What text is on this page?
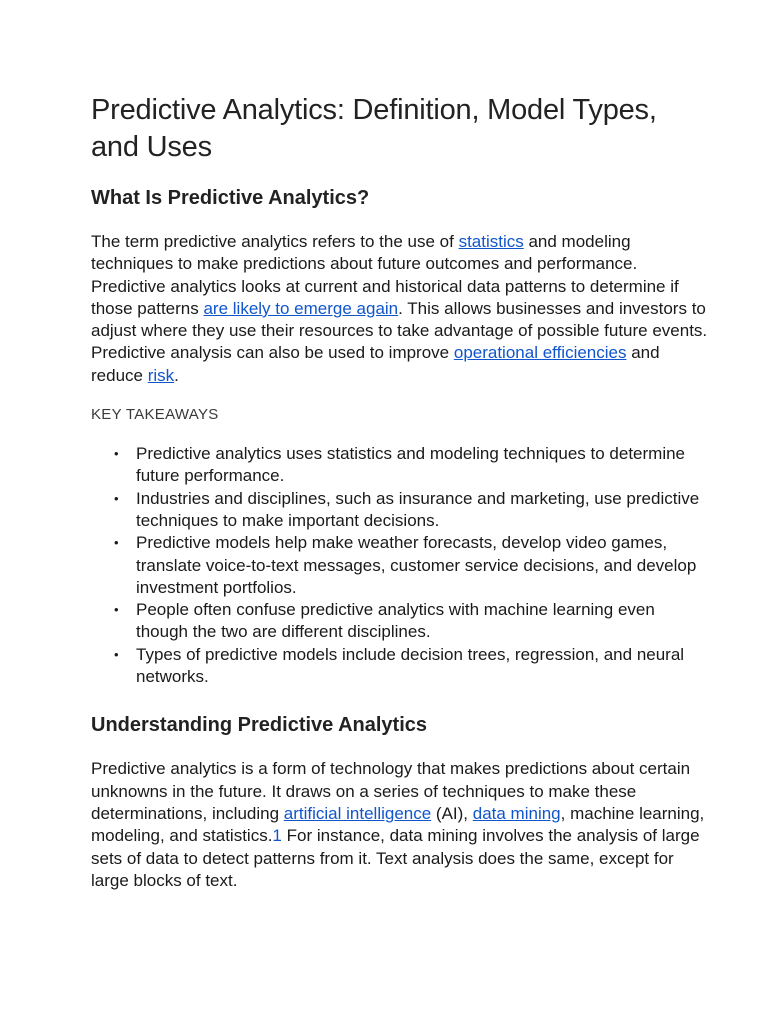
Predictive Analytics: Definition, Model Types, and Uses
What Is Predictive Analytics?

The term predictive analytics refers to the use of statistics and modeling techniques to make predictions about future outcomes and performance. Predictive analytics looks at current and historical data patterns to determine if those patterns are likely to emerge again. This allows businesses and investors to adjust where they use their resources to take advantage of possible future events. Predictive analysis can also be used to improve operational efficiencies and reduce risk.

KEY TAKEAWAYS
• Predictive analytics uses statistics and modeling techniques to determine future performance.
• Industries and disciplines, such as insurance and marketing, use predictive techniques to make important decisions.
• Predictive models help make weather forecasts, develop video games, translate voice-to-text messages, customer service decisions, and develop investment portfolios.
• People often confuse predictive analytics with machine learning even though the two are different disciplines.
• Types of predictive models include decision trees, regression, and neural networks.
Understanding Predictive Analytics

Predictive analytics is a form of technology that makes predictions about certain unknowns in the future. It draws on a series of techniques to make these determinations, including artificial intelligence (AI), data mining, machine learning, modeling, and statistics.1 For instance, data mining involves the analysis of large sets of data to detect patterns from it. Text analysis does the same, except for large blocks of text.
